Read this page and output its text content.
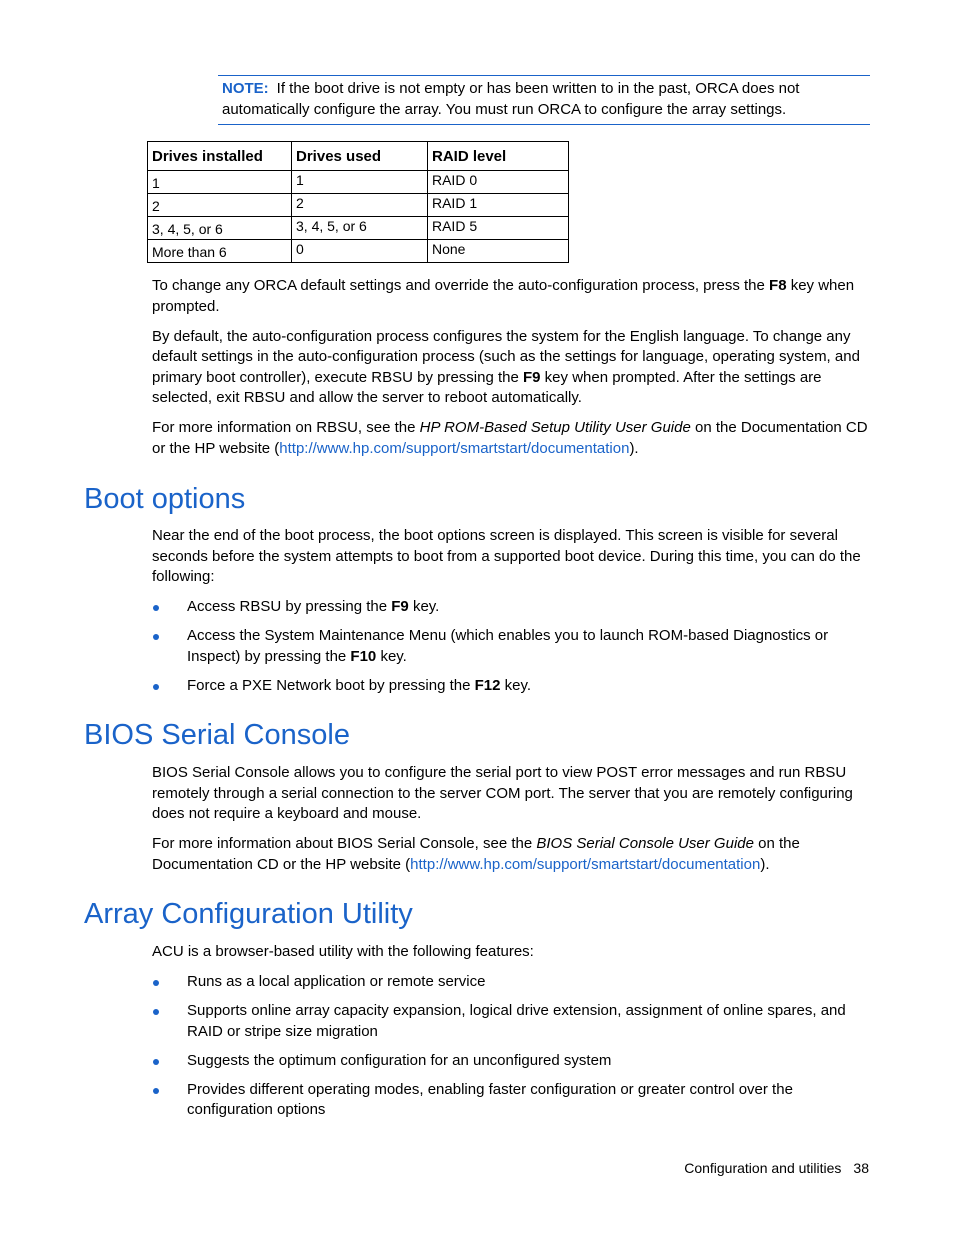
NOTE: If the boot drive is not empty or has been written to in the past, ORCA does not automatically configure the array. You must run ORCA to configure the array settings.
Drives installed	Drives used	RAID level
1	1	RAID 0
2	2	RAID 1
3, 4, 5, or 6	3, 4, 5, or 6	RAID 5
More than 6	0	None

To change any ORCA default settings and override the auto-configuration process, press the F8 key when prompted.

By default, the auto-configuration process configures the system for the English language. To change any default settings in the auto-configuration process (such as the settings for language, operating system, and primary boot controller), execute RBSU by pressing the F9 key when prompted. After the settings are selected, exit RBSU and allow the server to reboot automatically.

For more information on RBSU, see the HP ROM-Based Setup Utility User Guide on the Documentation CD or the HP website (http://www.hp.com/support/smartstart/documentation).

Boot options

Near the end of the boot process, the boot options screen is displayed. This screen is visible for several seconds before the system attempts to boot from a supported boot device. During this time, you can do the following:

Access RBSU by pressing the F9 key.
Access the System Maintenance Menu (which enables you to launch ROM-based Diagnostics or Inspect) by pressing the F10 key.
Force a PXE Network boot by pressing the F12 key.
BIOS Serial Console

BIOS Serial Console allows you to configure the serial port to view POST error messages and run RBSU remotely through a serial connection to the server COM port. The server that you are remotely configuring does not require a keyboard and mouse.

For more information about BIOS Serial Console, see the BIOS Serial Console User Guide on the Documentation CD or the HP website (http://www.hp.com/support/smartstart/documentation).

Array Configuration Utility

ACU is a browser-based utility with the following features:

Runs as a local application or remote service
Supports online array capacity expansion, logical drive extension, assignment of online spares, and RAID or stripe size migration
Suggests the optimum configuration for an unconfigured system
Provides different operating modes, enabling faster configuration or greater control over the configuration options
Configuration and utilities 38
